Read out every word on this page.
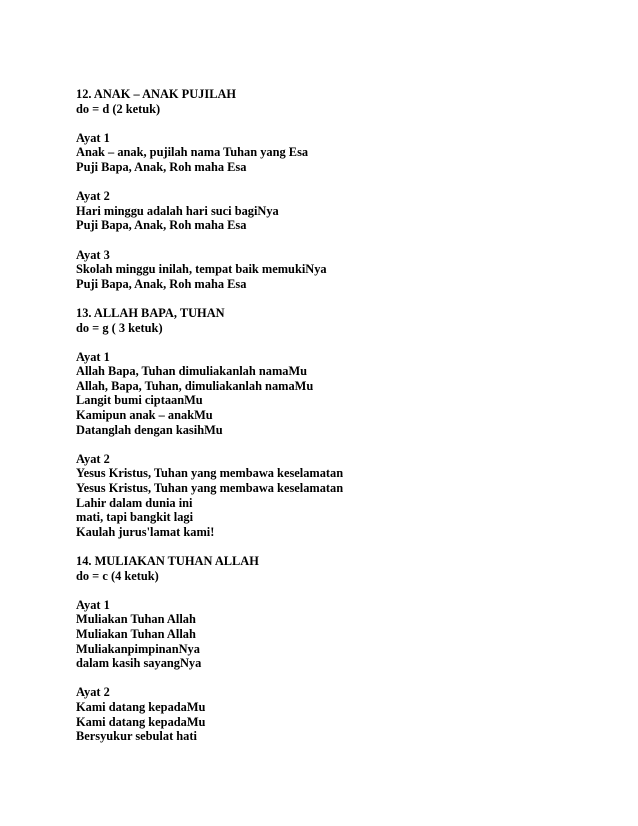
12. ANAK – ANAK PUJILAH
do = d (2 ketuk)
Ayat 1
Anak – anak, pujilah nama Tuhan yang Esa
Puji Bapa, Anak, Roh maha Esa
Ayat 2
Hari minggu adalah hari suci bagiNya
Puji Bapa, Anak, Roh maha Esa
Ayat 3
Skolah minggu inilah, tempat baik memukiNya
Puji Bapa, Anak, Roh maha Esa
13. ALLAH BAPA, TUHAN
do = g ( 3 ketuk)
Ayat 1
Allah Bapa, Tuhan dimuliakanlah namaMu
Allah, Bapa, Tuhan, dimuliakanlah namaMu
Langit bumi ciptaanMu
Kamipun anak – anakMu
Datanglah dengan kasihMu
Ayat 2
Yesus Kristus, Tuhan yang membawa keselamatan
Yesus Kristus, Tuhan yang membawa keselamatan
Lahir dalam dunia ini
mati, tapi bangkit lagi
Kaulah jurus'lamat kami!
14. MULIAKAN TUHAN ALLAH
do = c (4 ketuk)
Ayat 1
Muliakan Tuhan Allah
Muliakan Tuhan Allah
MuliakanpimpinanNya
dalam kasih sayangNya
Ayat 2
Kami datang kepadaMu
Kami datang kepadaMu
Bersyukur sebulat hati
